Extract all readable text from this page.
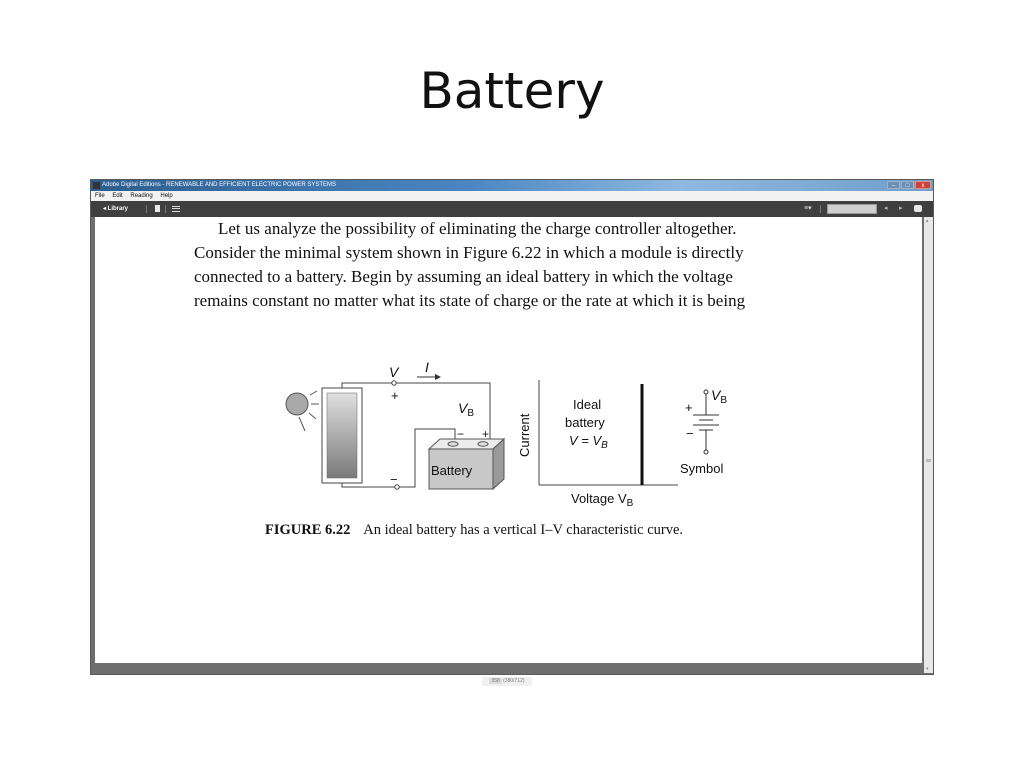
Battery
Adobe Digital Editions - RENEWABLE AND EFFICIENT ELECTRIC POWER SYSTEMS	–	□	x
File Edit Reading Help
◂ Library	≡▾	◂ ▸
Let us analyze the possibility of eliminating the charge controller altogether.
Consider the minimal system shown in Figure 6.22 in which a module is directly
connected to a battery. Begin by assuming an ideal battery in which the voltage
remains constant no matter what its state of charge or the rate at which it is being
V
+
−
I
$V_B$
Battery
− + Current
Voltage $V_B$
Ideal
battery
$V = V_B$
+
−
$V_B$
Symbol
FIGURE 6.22 An ideal battery has a vertical I–V characteristic curve.
▴
▾
358 (380/712)
